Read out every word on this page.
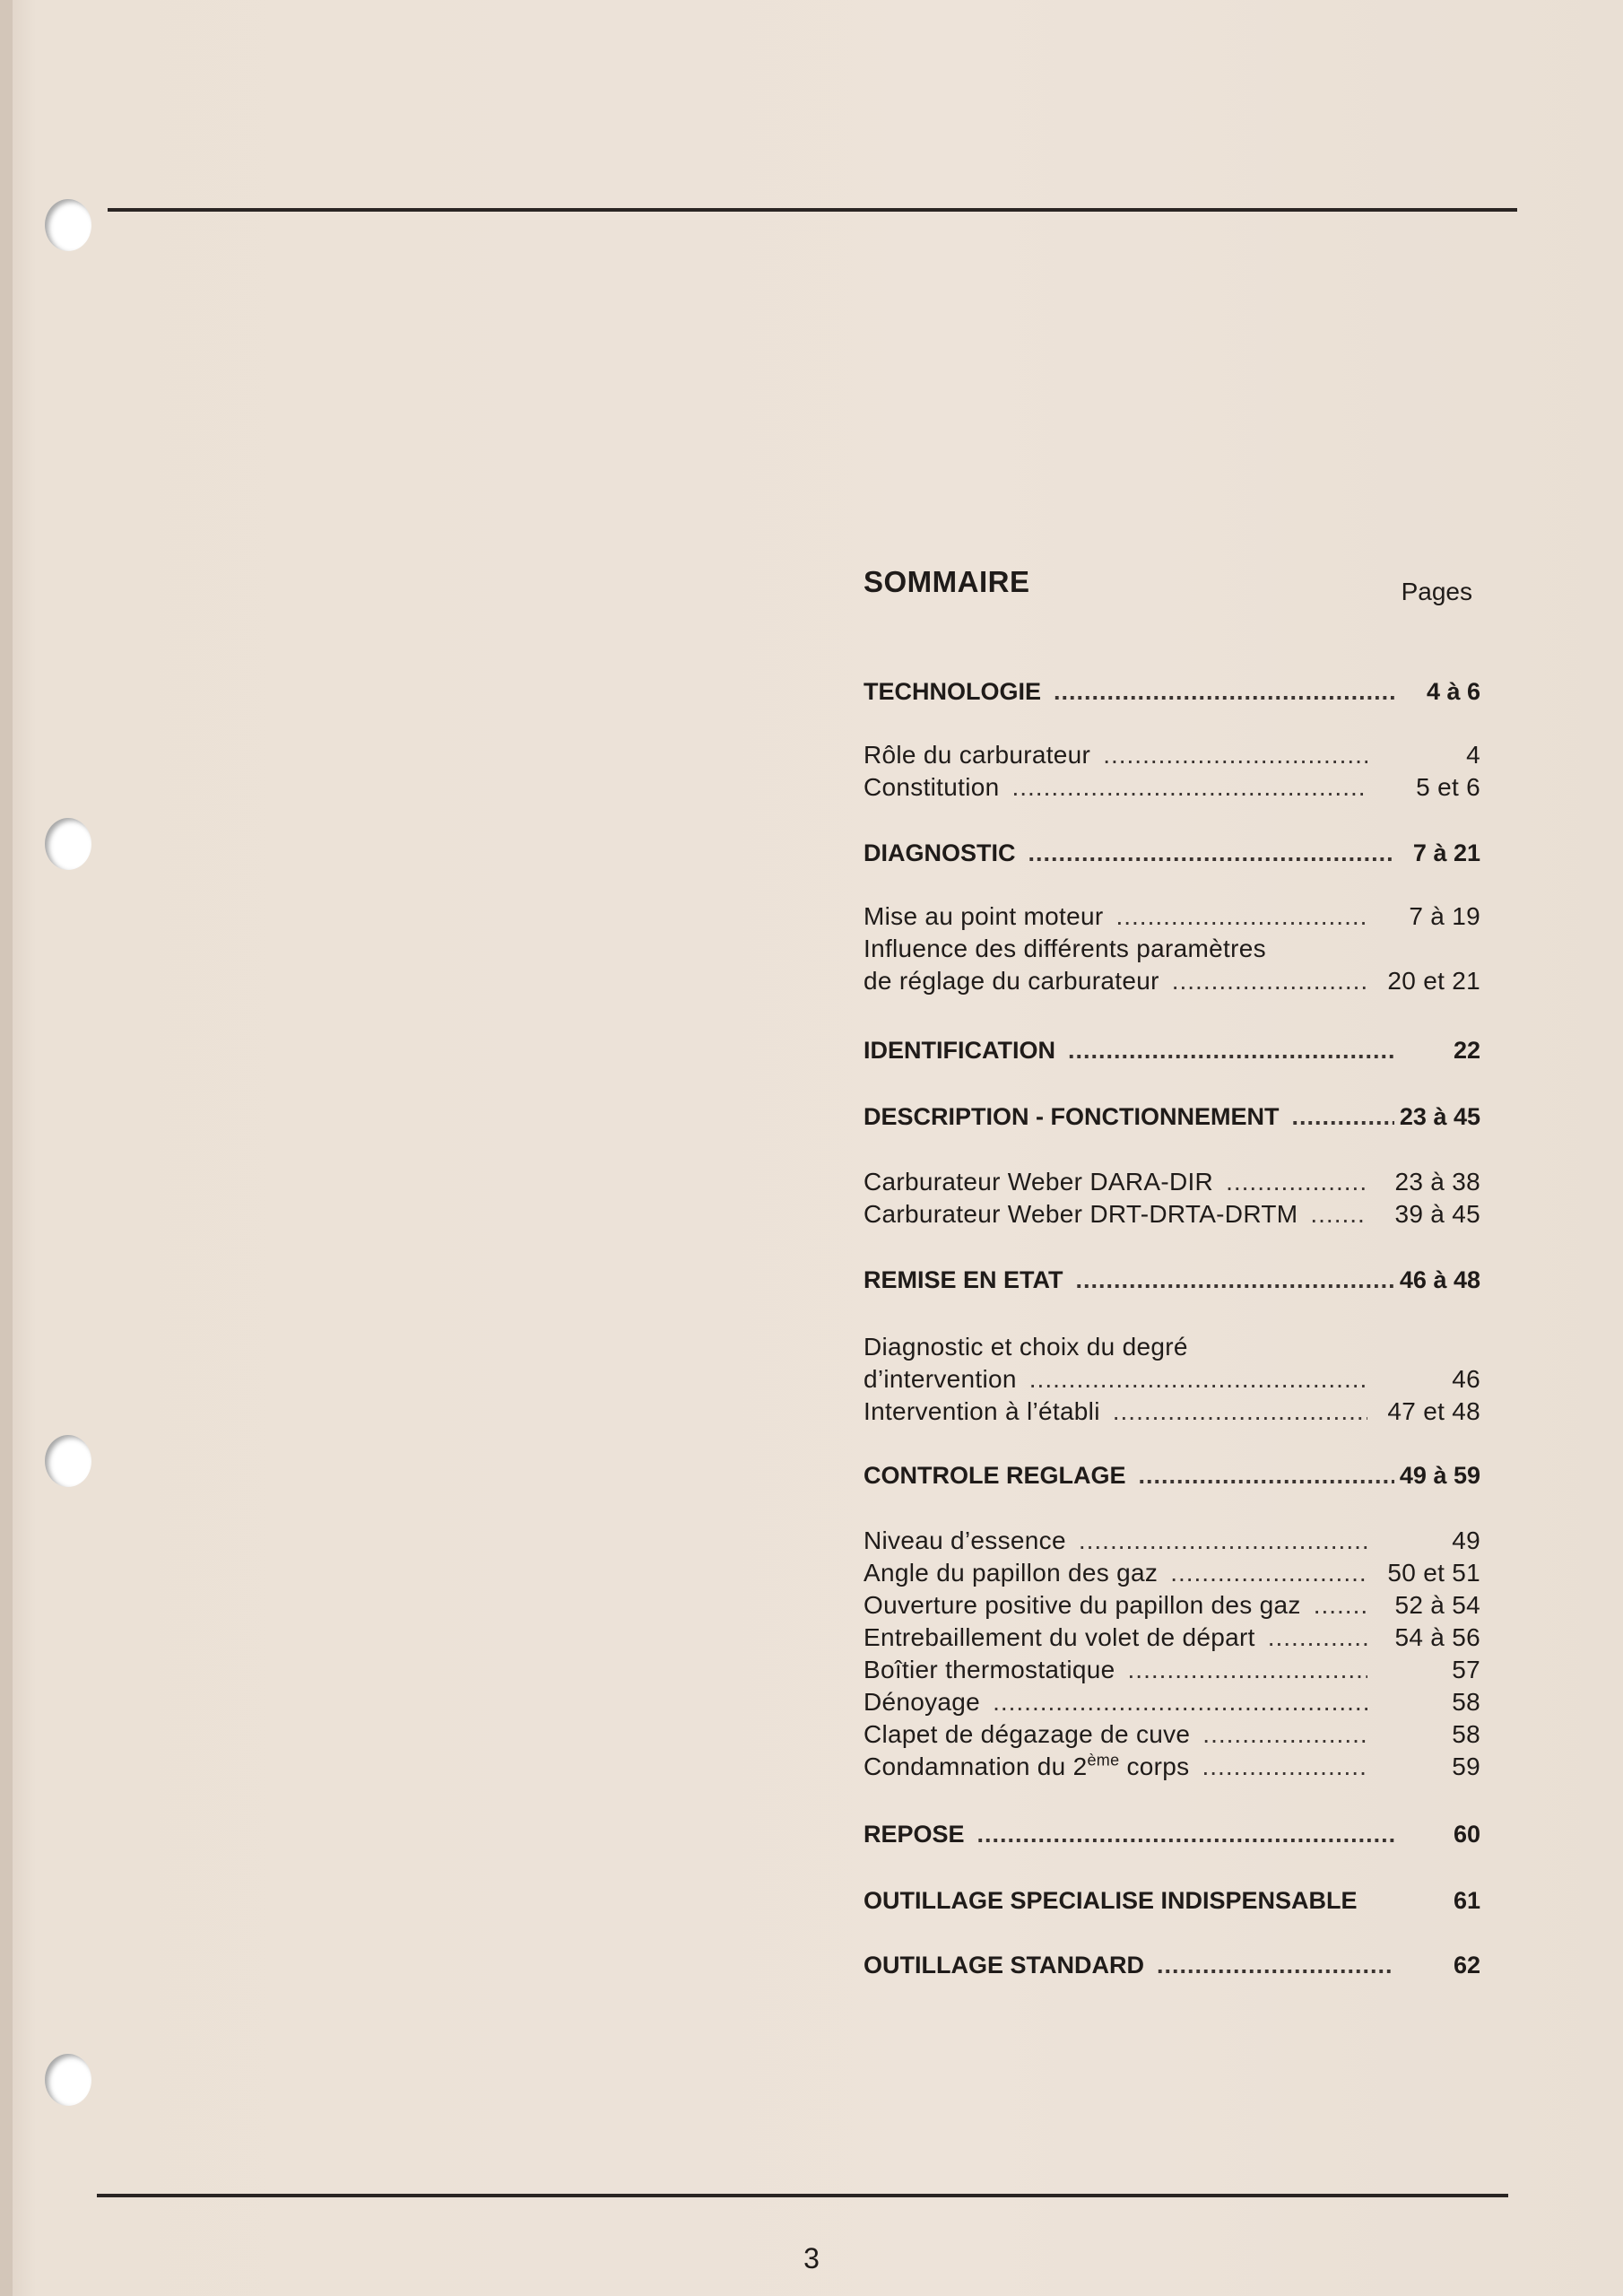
SOMMAIRE	Pages
TECHNOLOGIE .....	4 à 6
Rôle du carburateur .....	4
Constitution .....	5 et 6
DIAGNOSTIC .....	7 à 21
Mise au point moteur .....	7 à 19
Influence des différents paramètres
de réglage du carburateur .....	20 et 21
IDENTIFICATION .....	22
DESCRIPTION - FONCTIONNEMENT .....	23 à 45
Carburateur Weber DARA-DIR .....	23 à 38
Carburateur Weber DRT-DRTA-DRTM .....	39 à 45
REMISE EN ETAT .....	46 à 48
Diagnostic et choix du degré
d’intervention .....	46
Intervention à l’établi .....	47 et 48
CONTROLE REGLAGE .....	49 à 59
Niveau d’essence .....	49
Angle du papillon des gaz .....	50 et 51
Ouverture positive du papillon des gaz .....	52 à 54
Entrebaillement du volet de départ .....	54 à 56
Boîtier thermostatique .....	57
Dénoyage .....	58
Clapet de dégazage de cuve .....	58
Condamnation du 2ème corps .....	59
REPOSE .....	60
OUTILLAGE SPECIALISE INDISPENSABLE	61
OUTILLAGE STANDARD .....	62
3
